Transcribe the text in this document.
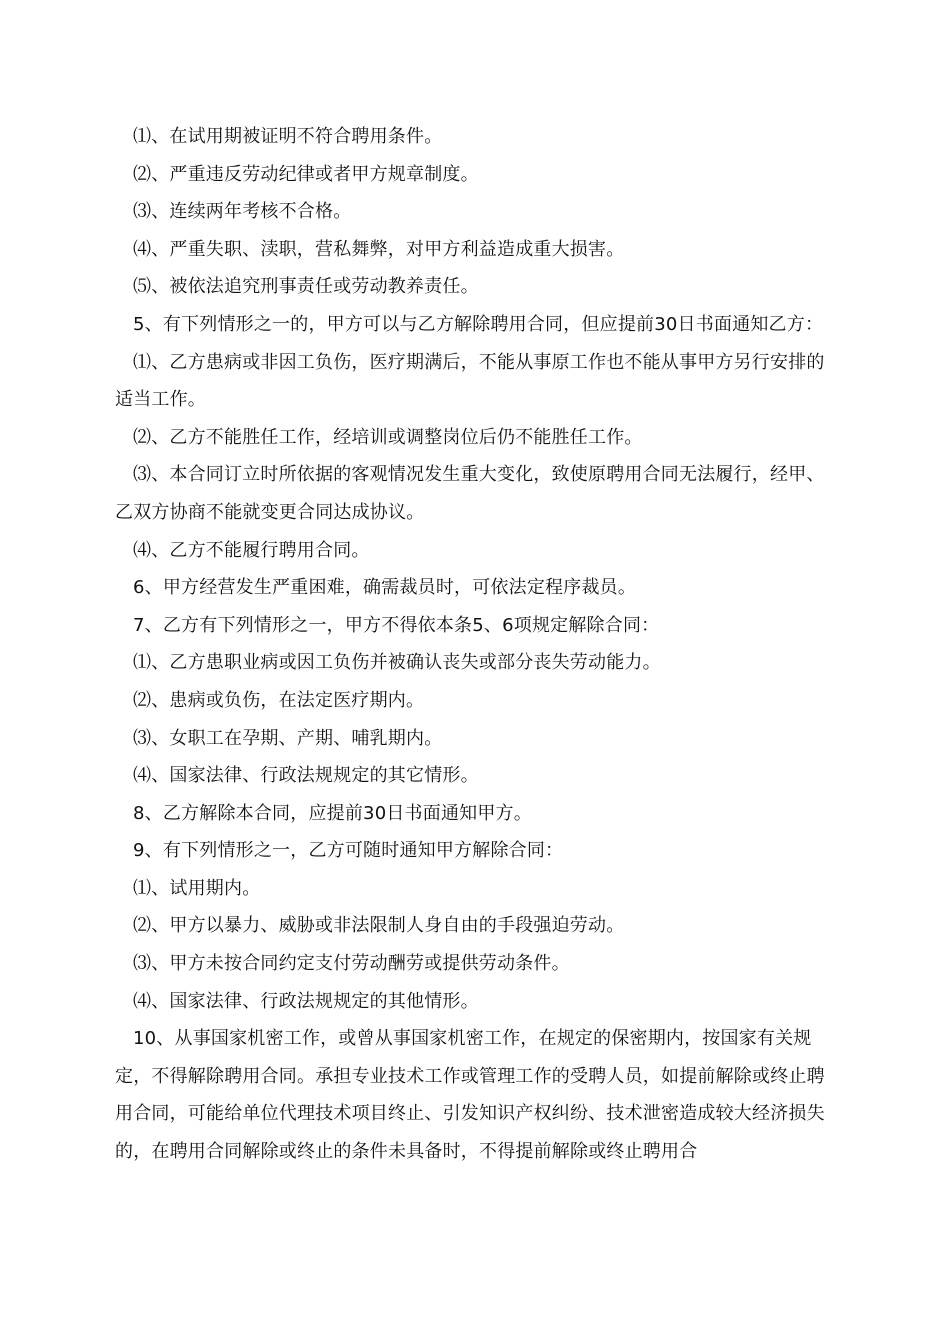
⑴、在试用期被证明不符合聘用条件。

⑵、严重违反劳动纪律或者甲方规章制度。

⑶、连续两年考核不合格。

⑷、严重失职、渎职，营私舞弊，对甲方利益造成重大损害。

⑸、被依法追究刑事责任或劳动教养责任。

5、有下列情形之一的，甲方可以与乙方解除聘用合同，但应提前30日书面通知乙方：

⑴、乙方患病或非因工负伤，医疗期满后，不能从事原工作也不能从事甲方另行安排的适当工作。

⑵、乙方不能胜任工作，经培训或调整岗位后仍不能胜任工作。

⑶、本合同订立时所依据的客观情况发生重大变化，致使原聘用合同无法履行，经甲、乙双方协商不能就变更合同达成协议。

⑷、乙方不能履行聘用合同。

6、甲方经营发生严重困难，确需裁员时，可依法定程序裁员。

7、乙方有下列情形之一，甲方不得依本条5、6项规定解除合同：

⑴、乙方患职业病或因工负伤并被确认丧失或部分丧失劳动能力。

⑵、患病或负伤，在法定医疗期内。

⑶、女职工在孕期、产期、哺乳期内。

⑷、国家法律、行政法规规定的其它情形。

8、乙方解除本合同，应提前30日书面通知甲方。

9、有下列情形之一，乙方可随时通知甲方解除合同：

⑴、试用期内。

⑵、甲方以暴力、威胁或非法限制人身自由的手段强迫劳动。

⑶、甲方未按合同约定支付劳动酬劳或提供劳动条件。

⑷、国家法律、行政法规规定的其他情形。

10、从事国家机密工作，或曾从事国家机密工作，在规定的保密期内，按国家有关规定，不得解除聘用合同。承担专业技术工作或管理工作的受聘人员，如提前解除或终止聘用合同，可能给单位代理技术项目终止、引发知识产权纠纷、技术泄密造成较大经济损失的，在聘用合同解除或终止的条件未具备时，不得提前解除或终止聘用合
